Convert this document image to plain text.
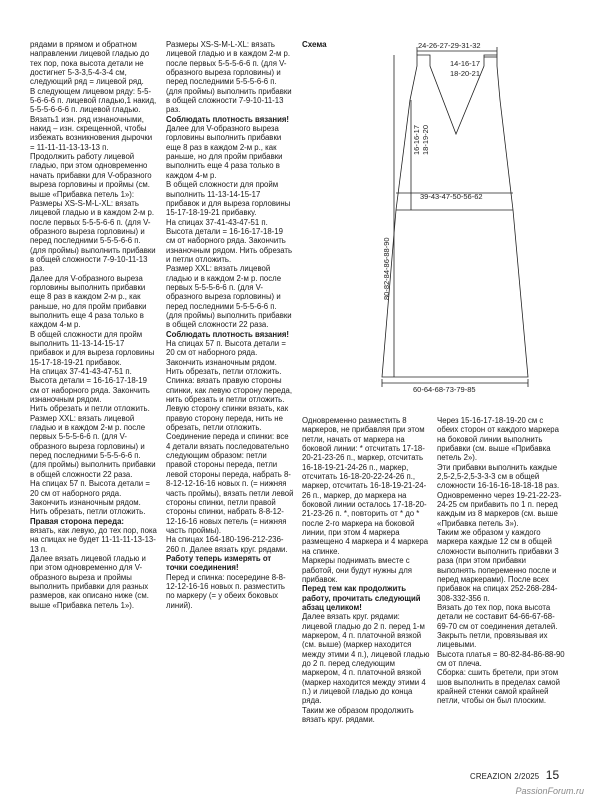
рядами в прямом и обратном направлении лицевой гладью до тех пор, пока высота детали не достигнет 5-3-3,5-4-3-4 см, следующий ряд = лицевой ряд.

В следующем лицевом ряду: 5-5-5-6-6-6 п. лицевой гладью,1 накид, 5-5-5-6-6-6 п. лицевой гладью.

Вязать1 изн. ряд изнаночными, накид – изн. скрещенной, чтобы избежать возникновения дырочки = 11-11-11-13-13-13 п.

Продолжить работу лицевой гладью, при этом одновременно начать прибавки для V-образного выреза горловины и проймы (см. выше «Прибавка петель 1»):

Размеры XS-S-M-L-XL: вязать лицевой гладью и в каждом 2-м р. после первых 5-5-5-6-6 п. (для V-образного выреза горловины) и перед последними 5-5-5-6-6 п. (для проймы) выполнить прибавки в общей сложности 7-9-10-11-13 раз.

Далее для V-образного выреза горловины выполнить прибавки еще 8 раз в каждом 2-м р., как раньше, но для пройм прибавки выполнить еще 4 раза только в каждом 4-м р.

В общей сложности для пройм выполнить 11-13-14-15-17 прибавок и для выреза горловины 15-17-18-19-21 прибавок.

На спицах 37-41-43-47-51 п.

Высота детали = 16-16-17-18-19 см от наборного ряда. Закончить изнаночным рядом.

Нить обрезать и петли отложить.

Размер XXL: вязать лицевой гладью и в каждом 2-м р. после первых 5-5-5-6-6 п. (для V-образного выреза горловины) и перед последними 5-5-5-6-6 п. (для проймы) выполнить прибавки в общей сложности 22 раза.

На спицах 57 п. Высота детали = 20 см от наборного ряда. Закончить изнаночным рядом.

Нить обрезать, петли отложить.

Правая сторона переда:

вязать, как левую, до тех пор, пока на спицах не будет 11-11-11-13-13-13 п.

Далее вязать лицевой гладью и при этом одновременно для V-образного выреза и проймы выполнить прибавки для разных размеров, как описано ниже (см. выше «Прибавка петель 1»).

Размеры XS-S-M-L-XL: вязать лицевой гладью и в каждом 2-м р. после первых 5-5-5-6-6 п. (для V-образного выреза горловины) и перед последними 5-5-5-6-6 п. (для проймы) выполнить прибавки в общей сложности 7-9-10-11-13 раз.

Соблюдать плотность вязания!

Далее для V-образного выреза горловины выполнить прибавки еще 8 раз в каждом 2-м р., как раньше, но для пройм прибавки выполнить еще 4 раза только в каждом 4-м р.

В общей сложности для пройм выполнить 11-13-14-15-17 прибавок и для выреза горловины 15-17-18-19-21 прибавку.

На спицах 37-41-43-47-51 п. Высота детали = 16-16-17-18-19 см от наборного ряда. Закончить изнаночным рядом. Нить обрезать и петли отложить.

Размер XXL: вязать лицевой гладью и в каждом 2-м р. после первых 5-5-5-6-6 п. (для V-образного выреза горловины) и перед последними 5-5-5-6-6 п. (для проймы) выполнить прибавки в общей сложности 22 раза.

Соблюдать плотность вязания!

На спицах 57 п. Высота детали = 20 см от наборного ряда. Закончить изнаночным рядом.

Нить обрезать, петли отложить.

Спинка: вязать правую стороны спинки, как левую сторону переда, нить обрезать и петли отложить. Левую сторону спинки вязать, как правую сторону переда, нить не обрезать, петли отложить.

Соединение переда и спинки: все 4 детали вязать последовательно следующим образом: петли правой стороны переда, петли левой стороны переда, набрать 8-8-12-12-16-16 новых п. (= нижняя часть проймы), вязать петли левой стороны спинки, петли правой стороны спинки, набрать 8-8-12-12-16-16 новых петель (= нижняя часть проймы).

На спицах 164-180-196-212-236-260 п. Далее вязать круг. рядами.

Работу теперь измерять от точки соединения!

Перед и спинка: посередине 8-8-12-12-16-16 новых п. разместить по маркеру (= у обеих боковых линий).

Схема	24-26-27-29-31-32
14-16-17
18-20-21
16-16-17 18-19-20
39-43-47-50-56-62
80-82-84-86-88-90
60-64-68-73-79-85

Одновременно разместить 8 маркеров, не прибавляя при этом петли, начать от маркера на боковой линии: * отсчитать 17-18-20-21-23-26 п., маркер, отсчитать 16-18-19-21-24-26 п., маркер, отсчитать 16-18-20-22-24-26 п., маркер, отсчитать 16-18-19-21-24-26 п., маркер, до маркера на боковой линии осталось 17-18-20-21-23-26 п. *, повторить от * до * после 2-го маркера на боковой линии, при этом 4 маркера размещено 4 маркера и 4 маркера на спинке.

Маркеры поднимать вместе с работой, они будут нужны для прибавок.

Перед тем как продолжить работу, прочитать следующий абзац целиком!

Далее вязать круг. рядами: лицевой гладью до 2 п. перед 1-м маркером, 4 п. платочной вязкой (см. выше) (маркер находится между этими 4 п.), лицевой гладью до 2 п. перед следующим маркером, 4 п. платочной вязкой (маркер находится между этими 4 п.) и лицевой гладью до конца ряда.

Таким же образом продолжить вязать круг. рядами.

Через 15-16-17-18-19-20 см с обеих сторон от каждого маркера на боковой линии выполнить прибавки (см. выше «Прибавка петель 2»).

Эти прибавки выполнить каждые 2,5-2,5-2,5-3-3-3 см в общей сложности 16-16-16-18-18-18 раз.

Одновременно через 19-21-22-23-24-25 см прибавить по 1 п. перед каждым из 8 маркеров (см. выше «Прибавка петель 3»).

Таким же образом у каждого маркера каждые 12 см в общей сложности выполнить прибавки 3 раза (при этом прибавки выполнять попеременно после и перед маркерами). После всех прибавок на спицах 252-268-284-308-332-356 п.

Вязать до тех пор, пока высота детали не составит 64-66-67-68-69-70 см от соединения деталей.

Закрыть петли, провязывая их лицевыми.

Высота платья = 80-82-84-86-88-90 см от плеча.

Сборка: сшить бретели, при этом шов выполнить в пределах самой крайней стенки самой крайней петли, чтобы он был плоским.

CREAZION 2/2025 15
PassionForum.ru
